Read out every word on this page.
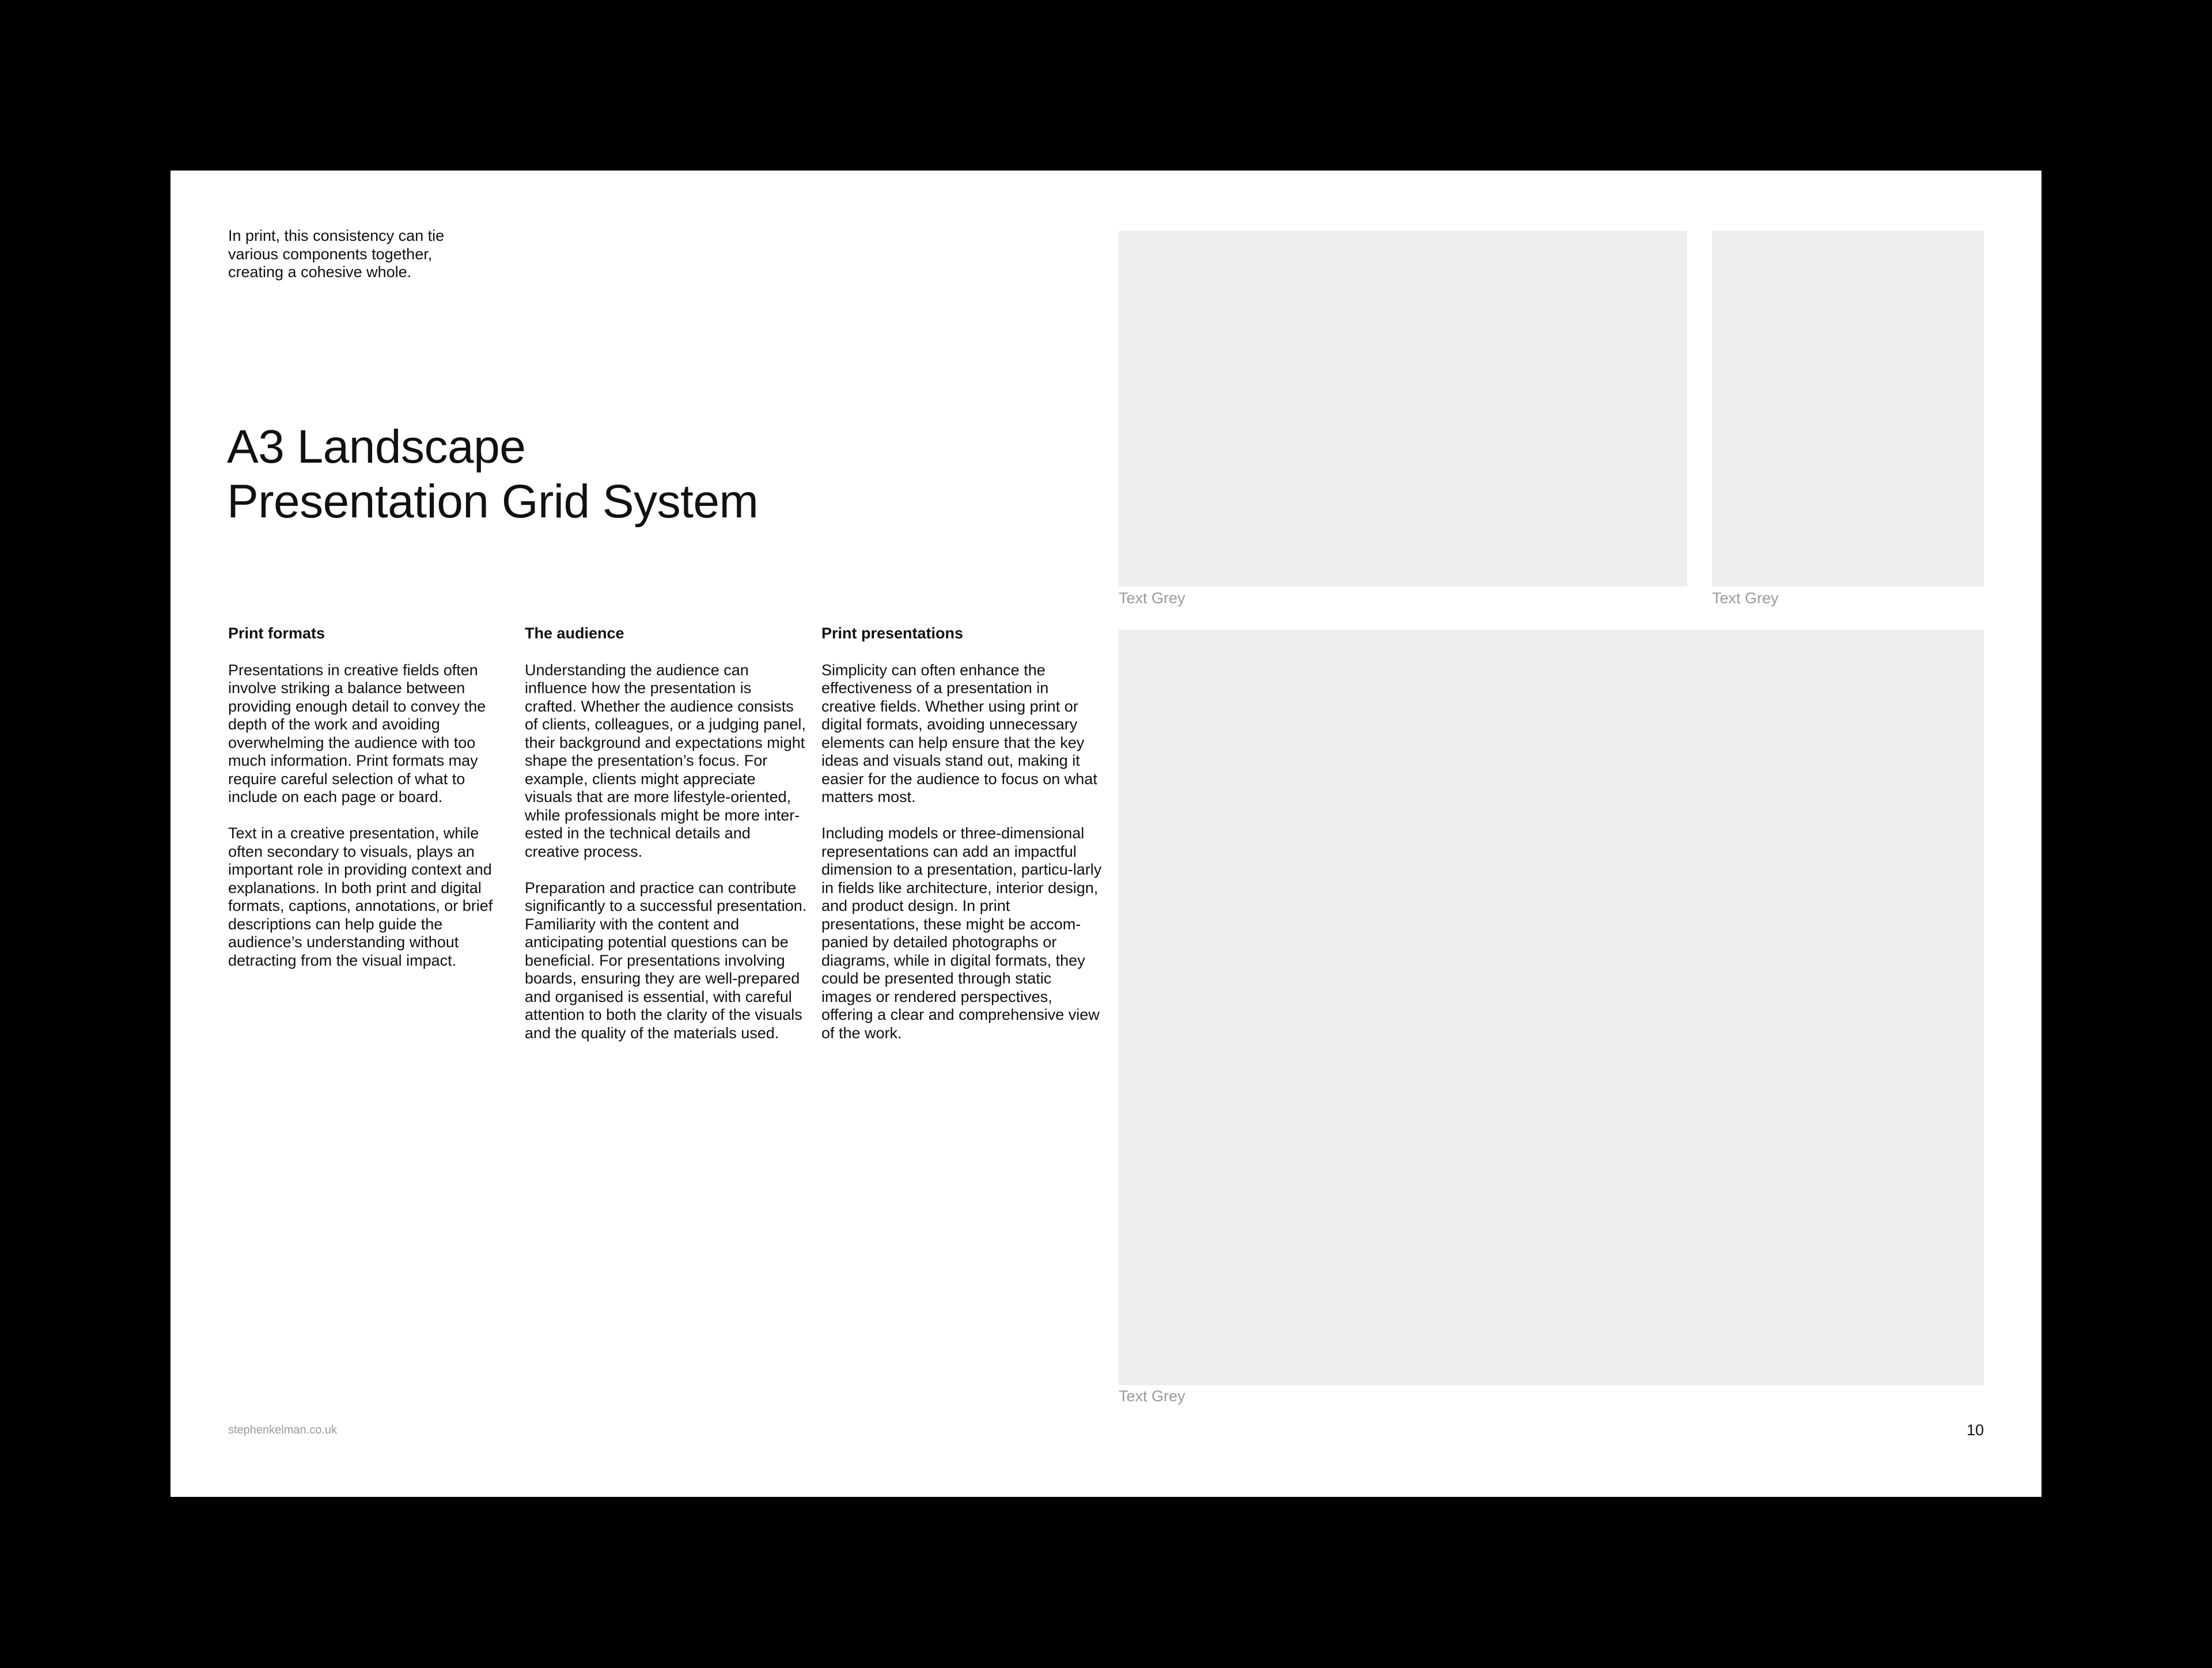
In print, this consistency can tie
various components together,
creating a cohesive whole.

A3 Landscape
Presentation Grid System
Print formats

Presentations in creative fields often involve striking a balance between providing enough detail to convey the depth of the work and avoiding overwhelming the audience with too much information. Print formats may require careful selection of what to include on each page or board.

Text in a creative presentation, while often secondary to visuals, plays an important role in providing context and explanations. In both print and digital formats, captions, annotations, or brief descriptions can help guide the audience’s understanding without detracting from the visual impact.

The audience

Understanding the audience can influence how the presentation is crafted. Whether the audience consists of clients, colleagues, or a judging panel, their background and expectations might shape the presentation’s focus. For example, clients might appreciate visuals that are more lifestyle-oriented, while professionals might be more inter-ested in the technical details and creative process.

Preparation and practice can contribute significantly to a successful presentation. Familiarity with the content and anticipating potential questions can be beneficial. For presentations involving boards, ensuring they are well-prepared and organised is essential, with careful attention to both the clarity of the visuals and the quality of the materials used.

Print presentations

Simplicity can often enhance the effectiveness of a presentation in creative fields. Whether using print or digital formats, avoiding unnecessary elements can help ensure that the key ideas and visuals stand out, making it easier for the audience to focus on what matters most.

Including models or three-dimensional representations can add an impactful dimension to a presentation, particu-larly in fields like architecture, interior design, and product design. In print presentations, these might be accom-panied by detailed photographs or diagrams, while in digital formats, they could be presented through static images or rendered perspectives, offering a clear and comprehensive view of the work.

Text Grey	Text Grey

Text Grey

stephenkelman.co.uk	10
